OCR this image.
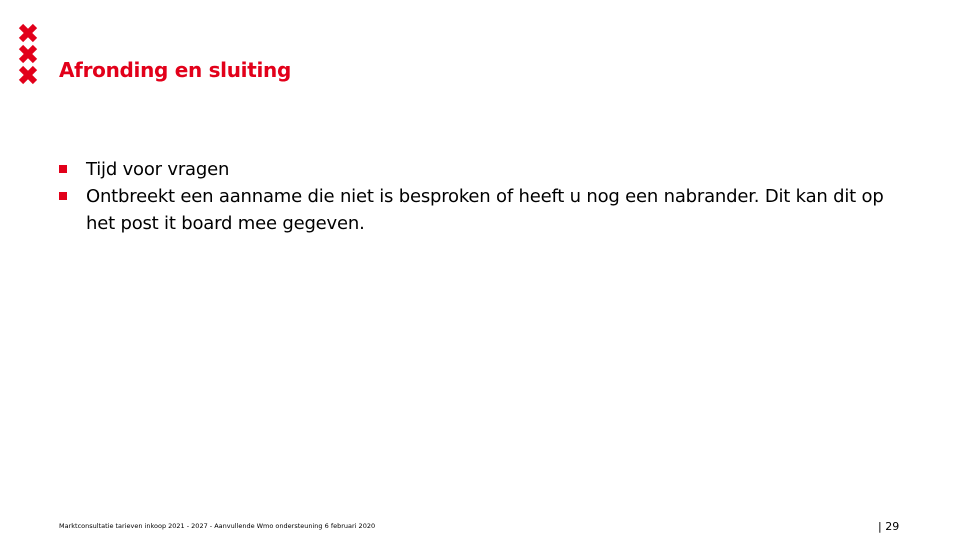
Afronding en sluiting
Tijd voor vragen
Ontbreekt een aanname die niet is besproken of heeft u nog een nabrander. Dit kan dit op het post it board mee gegeven.
Marktconsultatie tarieven inkoop 2021 - 2027 - Aanvullende Wmo ondersteuning 6 februari 2020	| 29
